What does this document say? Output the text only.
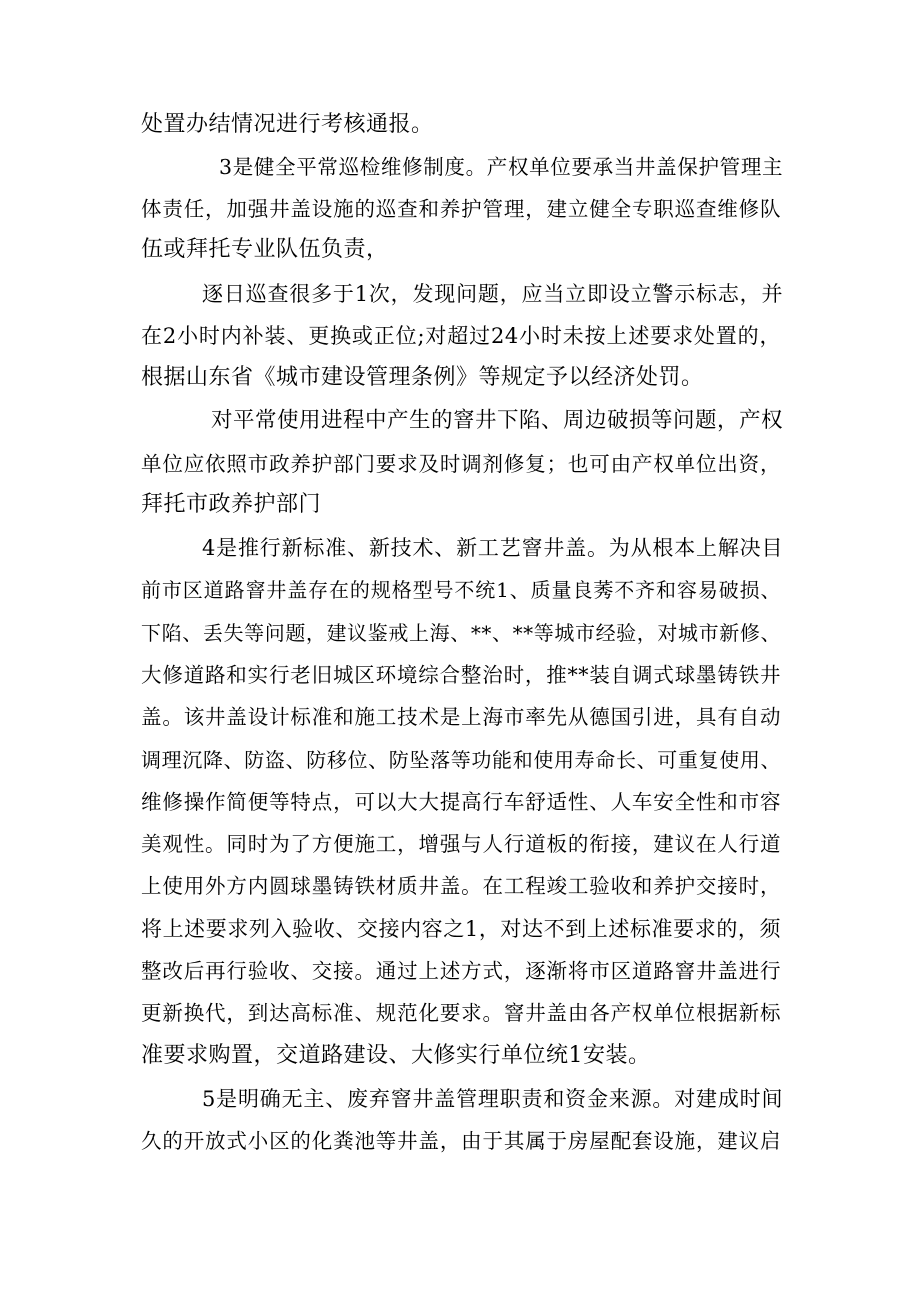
处置办结情况进行考核通报。
3是健全平常巡检维修制度。产权单位要承当井盖保护管理主
体责任，加强井盖设施的巡查和养护管理，建立健全专职巡查维修队
伍或拜托专业队伍负责，
逐日巡查很多于1次，发现问题，应当立即设立警示标志，并
在2小时内补装、更换或正位;对超过24小时未按上述要求处置的，
根据山东省《城市建设管理条例》等规定予以经济处罚。
对平常使用进程中产生的窨井下陷、周边破损等问题，产权
单位应依照市政养护部门要求及时调剂修复；也可由产权单位出资，
拜托市政养护部门
4是推行新标准、新技术、新工艺窨井盖。为从根本上解决目
前市区道路窨井盖存在的规格型号不统1、质量良莠不齐和容易破损、
下陷、丢失等问题，建议鉴戒上海、**、**等城市经验，对城市新修、
大修道路和实行老旧城区环境综合整治时，推**装自调式球墨铸铁井
盖。该井盖设计标准和施工技术是上海市率先从德国引进，具有自动
调理沉降、防盗、防移位、防坠落等功能和使用寿命长、可重复使用、
维修操作简便等特点，可以大大提高行车舒适性、人车安全性和市容
美观性。同时为了方便施工，增强与人行道板的衔接，建议在人行道
上使用外方内圆球墨铸铁材质井盖。在工程竣工验收和养护交接时，
将上述要求列入验收、交接内容之1，对达不到上述标准要求的，须
整改后再行验收、交接。通过上述方式，逐渐将市区道路窨井盖进行
更新换代，到达高标准、规范化要求。窨井盖由各产权单位根据新标
准要求购置，交道路建设、大修实行单位统1安装。
5是明确无主、废弃窨井盖管理职责和资金来源。对建成时间
久的开放式小区的化粪池等井盖，由于其属于房屋配套设施，建议启
